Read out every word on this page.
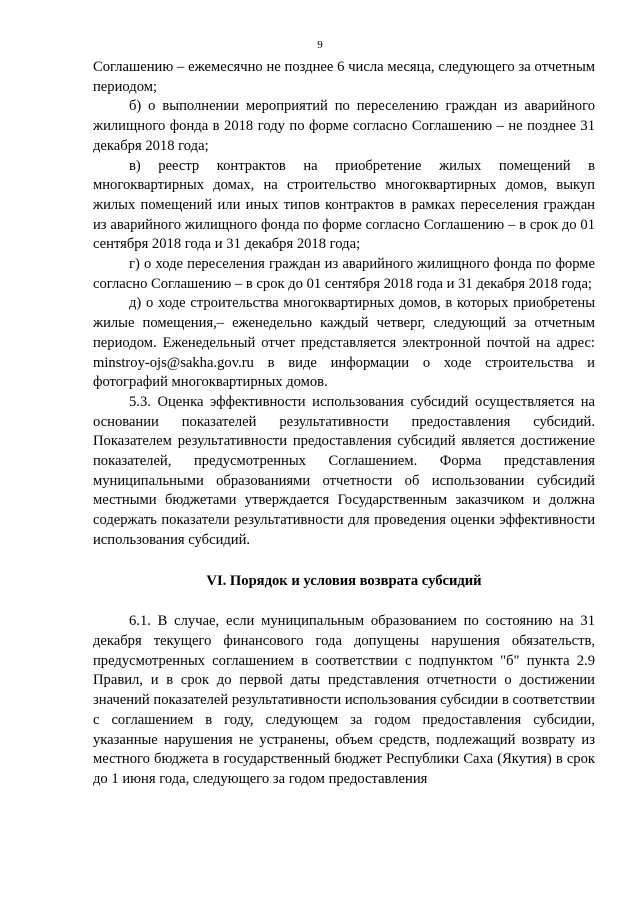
9

Соглашению – ежемесячно не позднее 6 числа месяца, следующего за отчетным периодом;

б) о выполнении мероприятий по переселению граждан из аварийного жилищного фонда в 2018 году по форме согласно Соглашению – не позднее 31 декабря 2018 года;

в) реестр контрактов на приобретение жилых помещений в многоквартирных домах, на строительство многоквартирных домов, выкуп жилых помещений или иных типов контрактов в рамках переселения граждан из аварийного жилищного фонда по форме согласно Соглашению – в срок до 01 сентября 2018 года и 31 декабря 2018 года;

г) о ходе переселения граждан из аварийного жилищного фонда по форме согласно Соглашению – в срок до 01 сентября 2018 года и 31 декабря 2018 года;

д) о ходе строительства многоквартирных домов, в которых приобретены жилые помещения,– еженедельно каждый четверг, следующий за отчетным периодом. Еженедельный отчет представляется электронной почтой на адрес: minstroy-ojs@sakha.gov.ru в виде информации о ходе строительства и фотографий многоквартирных домов.

5.3. Оценка эффективности использования субсидий осуществляется на основании показателей результативности предоставления субсидий. Показателем результативности предоставления субсидий является достижение показателей, предусмотренных Соглашением. Форма представления муниципальными образованиями отчетности об использовании субсидий местными бюджетами утверждается Государственным заказчиком и должна содержать показатели результативности для проведения оценки эффективности использования субсидий.

VI. Порядок и условия возврата субсидий

6.1. В случае, если муниципальным образованием по состоянию на 31 декабря текущего финансового года допущены нарушения обязательств, предусмотренных соглашением в соответствии с подпунктом "б" пункта 2.9 Правил, и в срок до первой даты представления отчетности о достижении значений показателей результативности использования субсидии в соответствии с соглашением в году, следующем за годом предоставления субсидии, указанные нарушения не устранены, объем средств, подлежащий возврату из местного бюджета в государственный бюджет Республики Саха (Якутия) в срок до 1 июня года, следующего за годом предоставления
